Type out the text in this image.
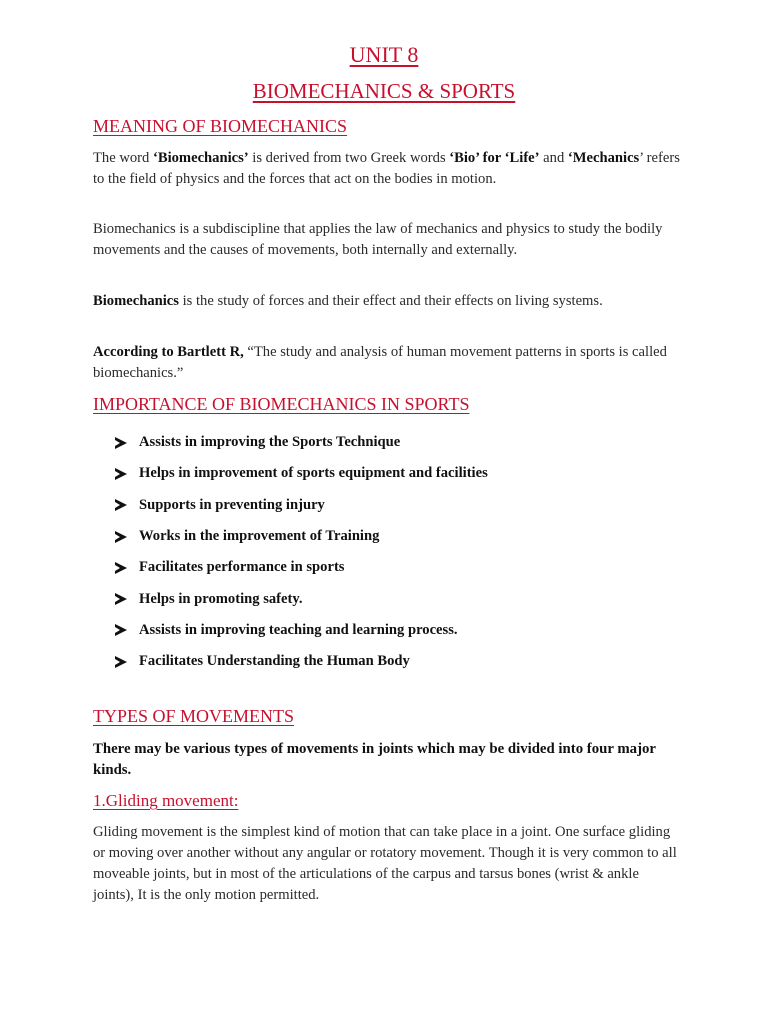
UNIT 8
BIOMECHANICS & SPORTS
MEANING OF BIOMECHANICS

The word ‘Biomechanics’ is derived from two Greek words ‘Bio’ for ‘Life’ and ‘Mechanics’ refers to the field of physics and the forces that act on the bodies in motion.

Biomechanics is a subdiscipline that applies the law of mechanics and physics to study the bodily movements and the causes of movements, both internally and externally.

Biomechanics is the study of forces and their effect and their effects on living systems.

According to Bartlett R, “The study and analysis of human movement patterns in sports is called biomechanics.”

IMPORTANCE OF BIOMECHANICS IN SPORTS
Assists in improving the Sports Technique
Helps in improvement of sports equipment and facilities
Supports in preventing injury
Works in the improvement of Training
Facilitates performance in sports
Helps in promoting safety.
Assists in improving teaching and learning process.
Facilitates Understanding the Human Body
TYPES OF MOVEMENTS

There may be various types of movements in joints which may be divided into four major kinds.

1.Gliding movement:

Gliding movement is the simplest kind of motion that can take place in a joint. One surface gliding or moving over another without any angular or rotatory movement. Though it is very common to all moveable joints, but in most of the articulations of the carpus and tarsus bones (wrist & ankle joints), It is the only motion permitted.
